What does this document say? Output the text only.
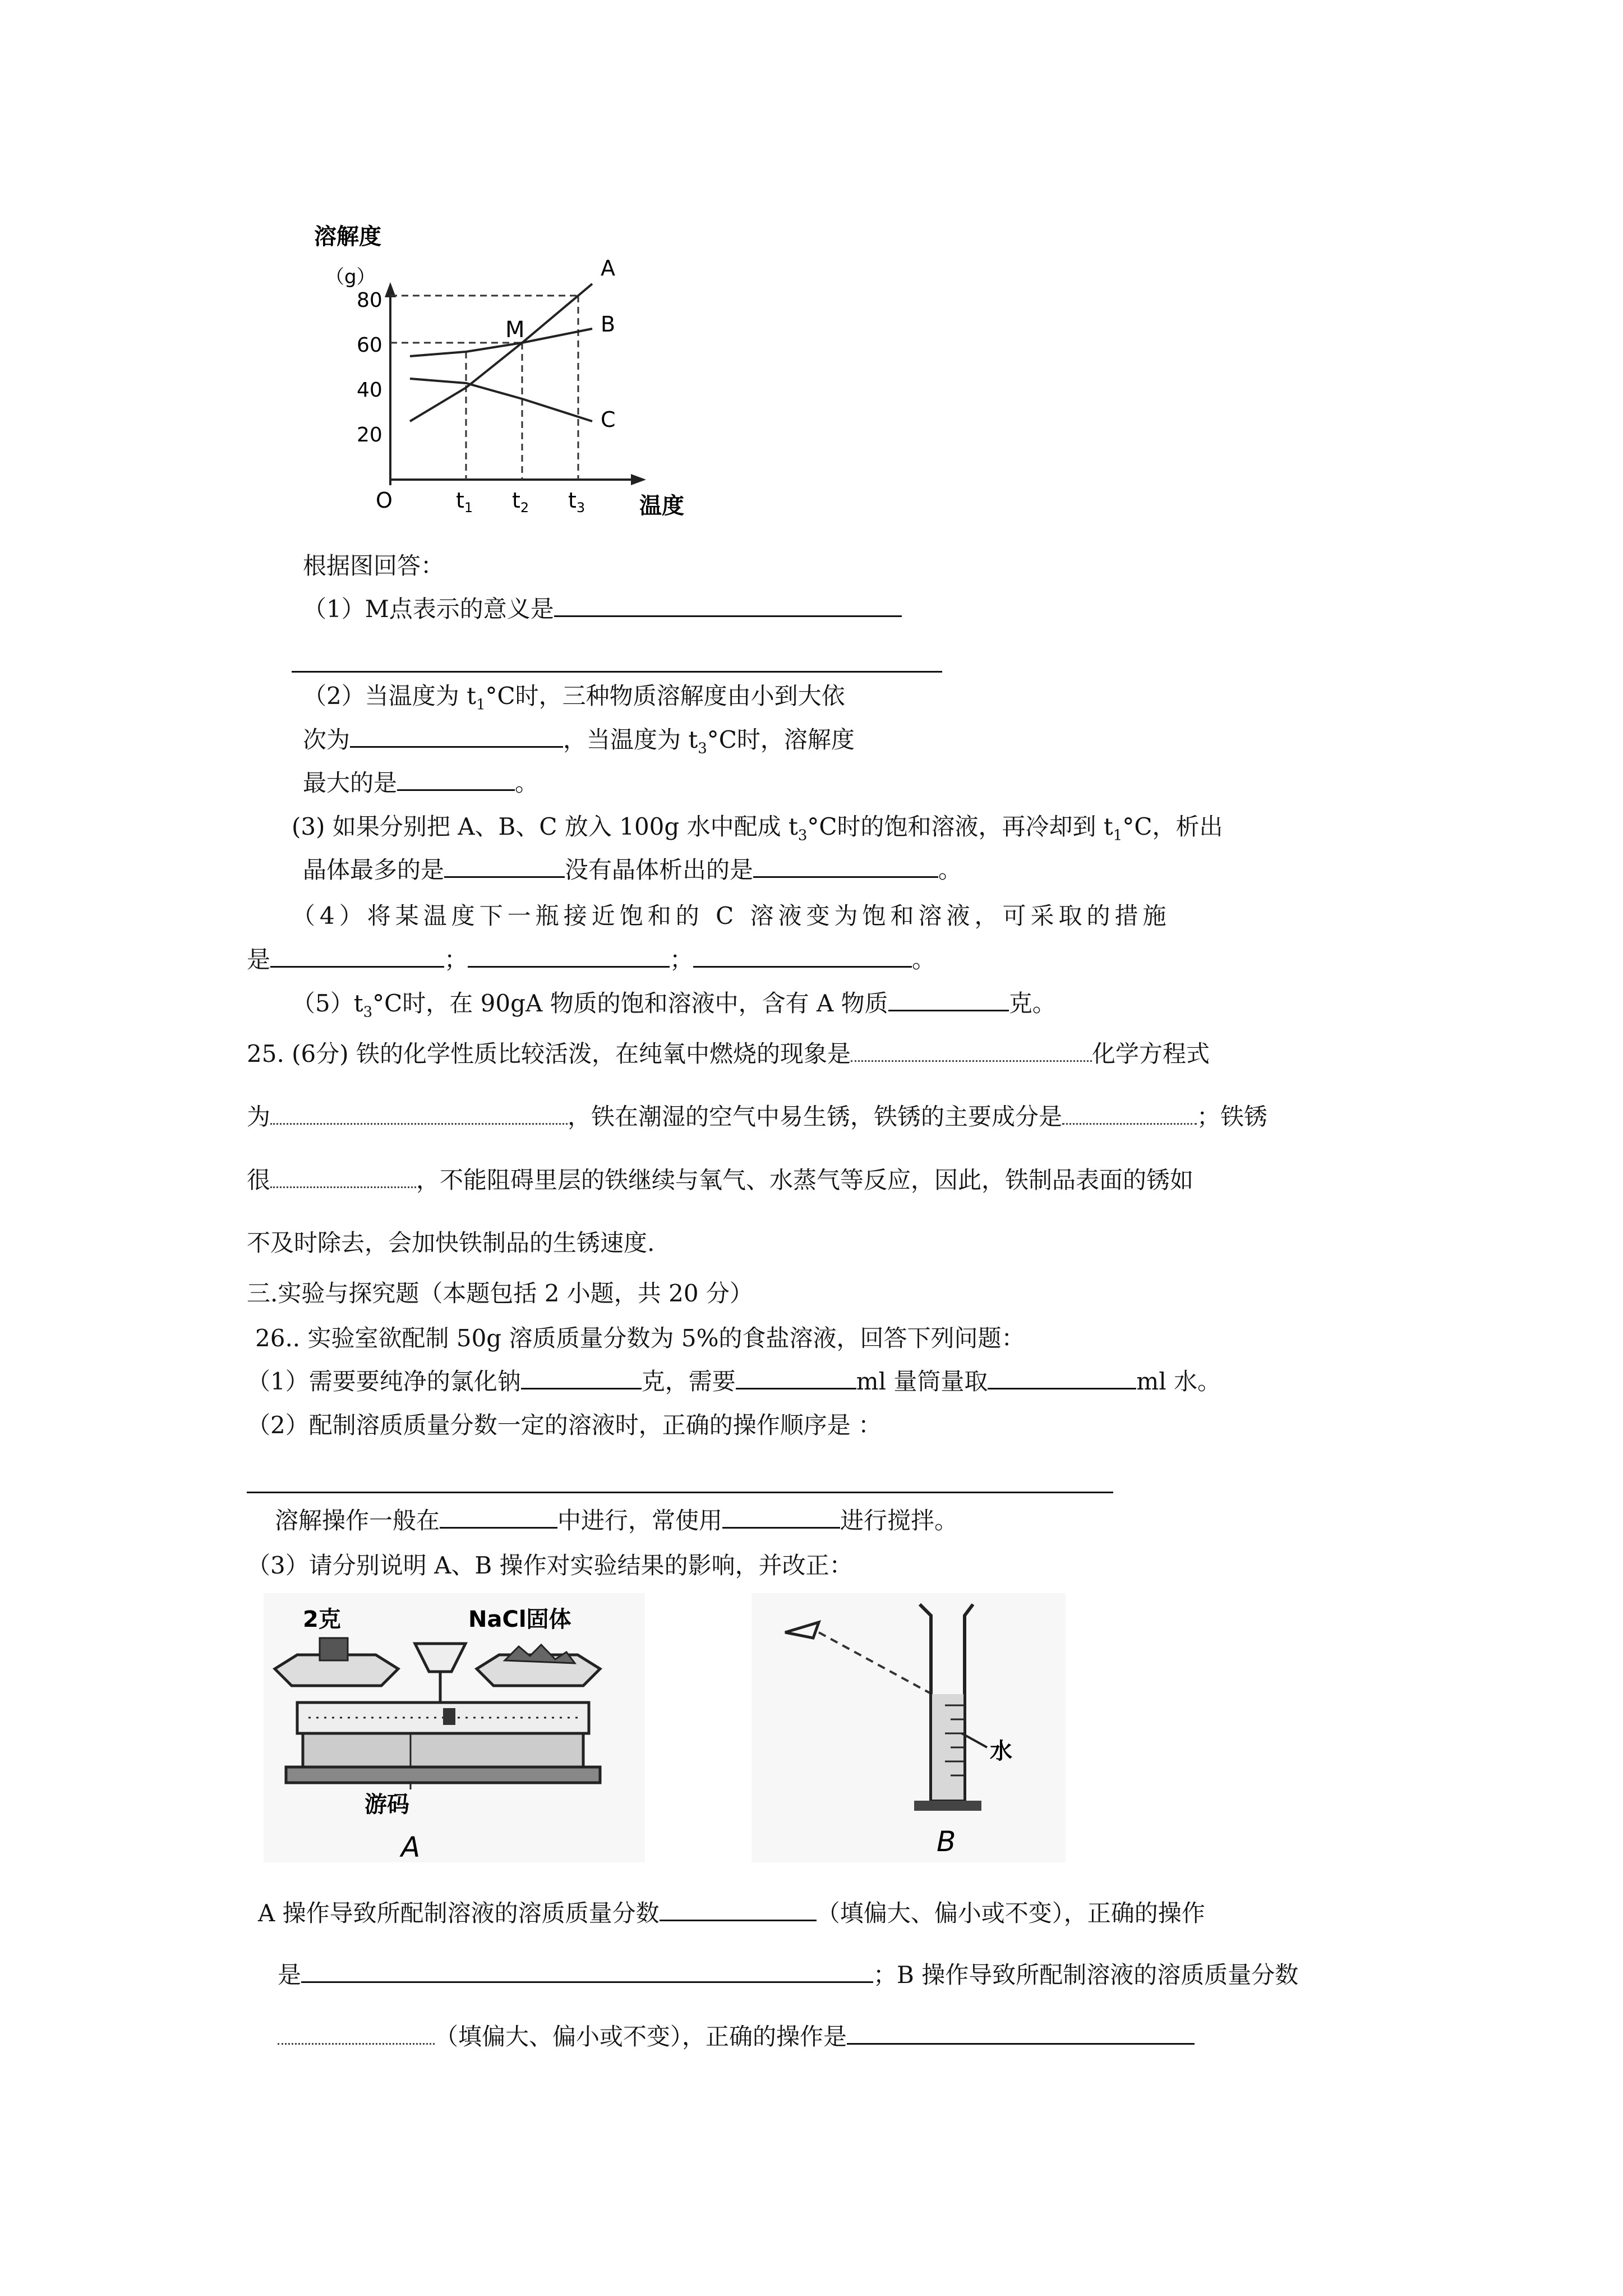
溶解度
（g）
20
40
60
80
$t_1$ $t_2$ $t_3$
A
B
C
M
O	温度
根据图回答：
（1）M点表示的意义是
（2）当温度为 $t_1^\circ C$时，三种物质溶解度由小到大依
次为	，当温度为 $t_3^\circ C$时，溶解度
最大的是	。
(3) 如果分别把 A、B、C 放入 100g 水中配成 $t_3^\circ C$时的饱和溶液，再冷却到 $t_1^\circ C$，析出
晶体最多的是	没有晶体析出的是	。
（4）将某温度下一瓶接近饱和的 C 溶液变为饱和溶液，可采取的措施
是	；	；	。
$(5)t_3^\circ C$时，在 90gA 物质的饱和溶液中，含有 A 物质	克。
25. (6分) 铁的化学性质比较活泼，在纯氧中燃烧的现象是	化学方程式
为	，铁在潮湿的空气中易生锈，铁锈的主要成分是	；铁锈
很	，不能阻碍里层的铁继续与氧气、水蒸气等反应，因此，铁制品表面的锈如
不及时除去，会加快铁制品的生锈速度.
三.实验与探究题（本题包括 2 小题，共 20 分）
26.. 实验室欲配制 50g 溶质质量分数为 5%的食盐溶液，回答下列问题：
（1）需要要纯净的氯化钠	克，需要	ml 量筒量取	ml 水。
（2）配制溶质质量分数一定的溶液时，正确的操作顺序是 ：
溶解操作一般在	中进行，常使用	进行搅拌。
（3）请分别说明 A、B 操作对实验结果的影响，并改正：
2克	NaCl固体
游码
A
水
B
A 操作导致所配制溶液的溶质质量分数	（填偏大、偏小或不变），正确的操作
是	；B 操作导致所配制溶液的溶质质量分数
（填偏大、偏小或不变），正确的操作是
